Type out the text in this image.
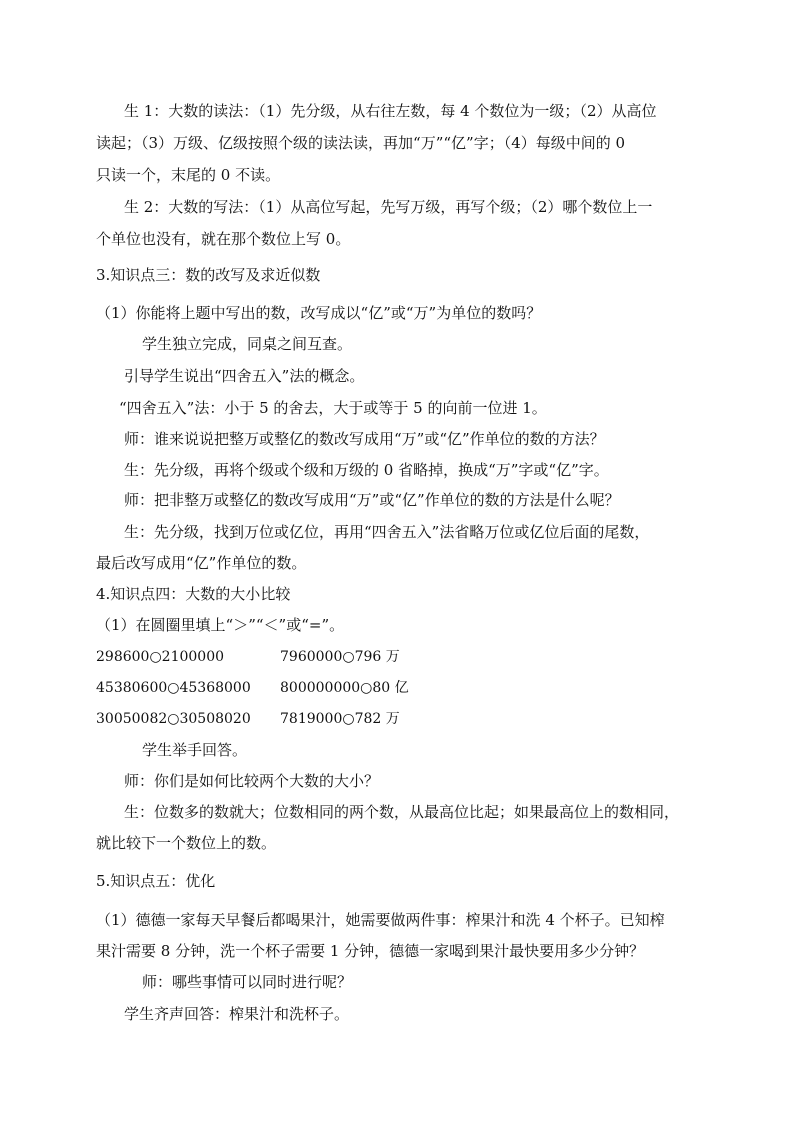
生 1：大数的读法：（1）先分级，从右往左数，每 4 个数位为一级；（2）从高位
读起；（3）万级、亿级按照个级的读法读，再加“万”“亿”字；（4）每级中间的 0
只读一个，末尾的 0 不读。
生 2：大数的写法：（1）从高位写起，先写万级，再写个级；（2）哪个数位上一
个单位也没有，就在那个数位上写 0。
3.知识点三：数的改写及求近似数
（1）你能将上题中写出的数，改写成以“亿”或“万”为单位的数吗？
学生独立完成，同桌之间互查。
引导学生说出“四舍五入”法的概念。
“四舍五入”法：小于 5 的舍去，大于或等于 5 的向前一位进 1。
师：谁来说说把整万或整亿的数改写成用“万”或“亿”作单位的数的方法？
生：先分级，再将个级或个级和万级的 0 省略掉，换成“万”字或“亿”字。
师：把非整万或整亿的数改写成用“万”或“亿”作单位的数的方法是什么呢？
生：先分级，找到万位或亿位，再用“四舍五入”法省略万位或亿位后面的尾数，
最后改写成用“亿”作单位的数。
4.知识点四：大数的大小比较
（1）在圆圈里填上“＞”“＜”或“=”。
298600○2100000	7960000○796 万
45380600○45368000 800000000○80 亿
30050082○30508020 7819000○782 万
学生举手回答。
师：你们是如何比较两个大数的大小？
生：位数多的数就大；位数相同的两个数，从最高位比起；如果最高位上的数相同，
就比较下一个数位上的数。
5.知识点五：优化
（1）德德一家每天早餐后都喝果汁，她需要做两件事：榨果汁和洗 4 个杯子。已知榨
果汁需要 8 分钟，洗一个杯子需要 1 分钟，德德一家喝到果汁最快要用多少分钟？
师：哪些事情可以同时进行呢？
学生齐声回答：榨果汁和洗杯子。
